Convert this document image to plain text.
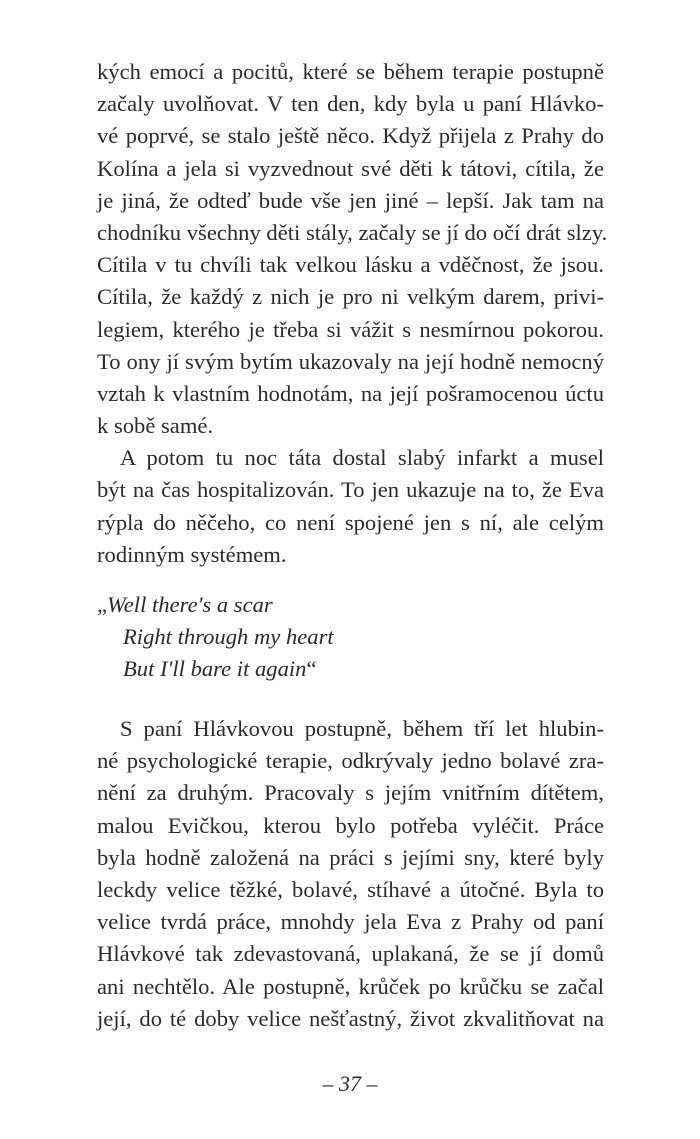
kých emocí a pocitů, které se během terapie postupně
začaly uvolňovat. V ten den, kdy byla u paní Hlávko-
vé poprvé, se stalo ještě něco. Když přijela z Prahy do
Kolína a jela si vyzvednout své děti k tátovi, cítila, že
je jiná, že odteď bude vše jen jiné – lepší. Jak tam na
chodníku všechny děti stály, začaly se jí do očí drát slzy.
Cítila v tu chvíli tak velkou lásku a vděčnost, že jsou.
Cítila, že každý z nich je pro ni velkým darem, privi-
legiem, kterého je třeba si vážit s nesmírnou pokorou.
To ony jí svým bytím ukazovaly na její hodně nemocný
vztah k vlastním hodnotám, na její pošramocenou úctu
k sobě samé.
A potom tu noc táta dostal slabý infarkt a musel
být na čas hospitalizován. To jen ukazuje na to, že Eva
rýpla do něčeho, co není spojené jen s ní, ale celým
rodinným systémem.
„Well there's a scar
Right through my heart
But I'll bare it again“
S paní Hlávkovou postupně, během tří let hlubin-
né psychologické terapie, odkrývaly jedno bolavé zra-
nění za druhým. Pracovaly s jejím vnitřním dítětem,
malou Evičkou, kterou bylo potřeba vyléčit. Práce
byla hodně založená na práci s jejími sny, které byly
leckdy velice těžké, bolavé, stíhavé a útočné. Byla to
velice tvrdá práce, mnohdy jela Eva z Prahy od paní
Hlávkové tak zdevastovaná, uplakaná, že se jí domů
ani nechtělo. Ale postupně, krůček po krůčku se začal
její, do té doby velice nešťastný, život zkvalitňovat na
– 37 –
